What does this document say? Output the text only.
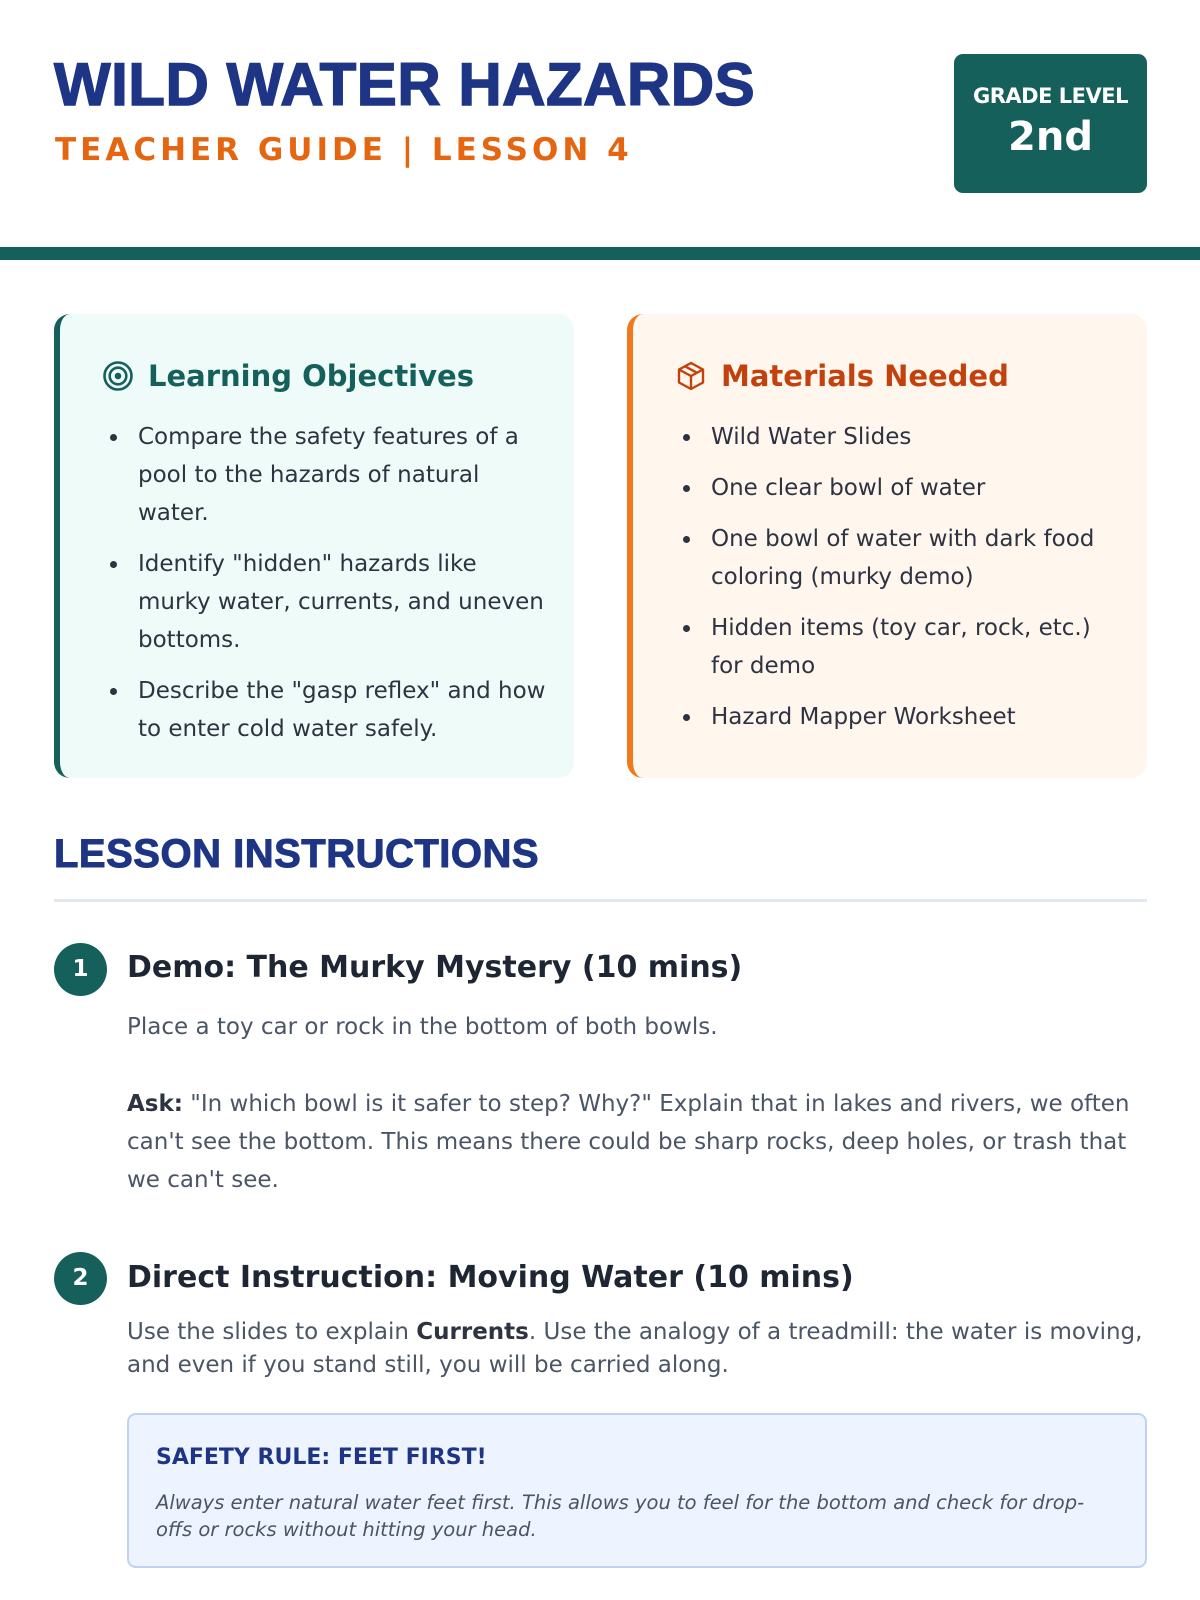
WILD WATER HAZARDS
TEACHER GUIDE | LESSON 4
GRADE LEVEL
2nd
Learning Objectives
Compare the safety features of a pool to the hazards of natural water.
Identify "hidden" hazards like murky water, currents, and uneven bottoms.
Describe the "gasp reflex" and how to enter cold water safely.
Materials Needed
Wild Water Slides
One clear bowl of water
One bowl of water with dark food coloring (murky demo)
Hidden items (toy car, rock, etc.) for demo
Hazard Mapper Worksheet
LESSON INSTRUCTIONS
1	Demo: The Murky Mystery (10 mins)
Place a toy car or rock in the bottom of both bowls.
Ask: "In which bowl is it safer to step? Why?" Explain that in lakes and rivers, we often can't see the bottom. This means there could be sharp rocks, deep holes, or trash that we can't see.
2	Direct Instruction: Moving Water (10 mins)
Use the slides to explain Currents. Use the analogy of a treadmill: the water is moving, and even if you stand still, you will be carried along.
SAFETY RULE: FEET FIRST!
Always enter natural water feet first. This allows you to feel for the bottom and check for drop-offs or rocks without hitting your head.
